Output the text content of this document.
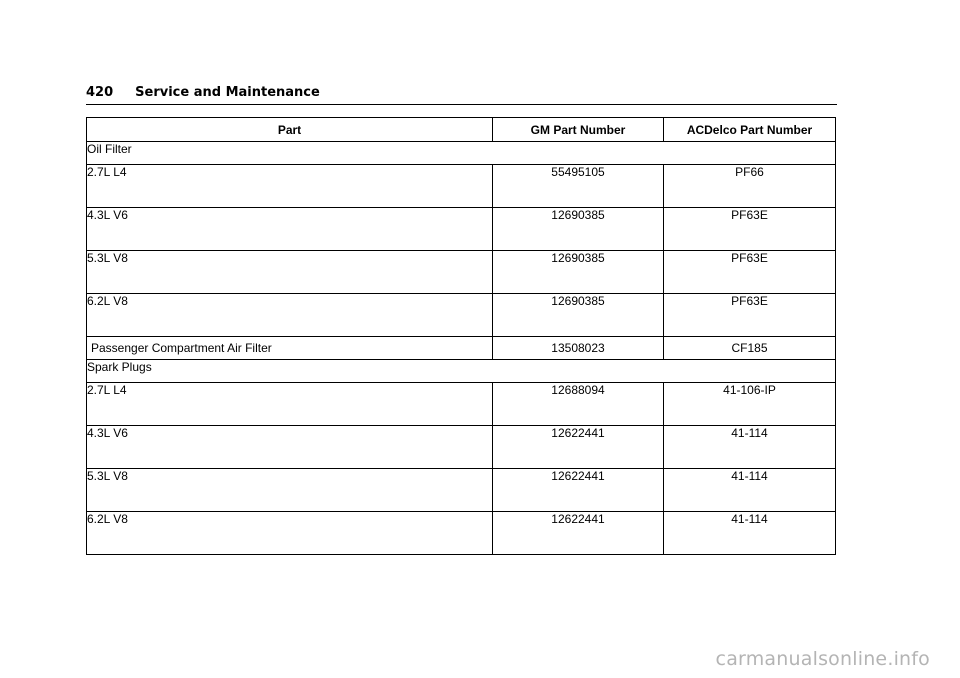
420 Service and Maintenance
Part	GM Part Number	ACDelco Part Number
Oil Filter		
2.7L L4	55495105	PF66
4.3L V6	12690385	PF63E
5.3L V8	12690385	PF63E
6.2L V8	12690385	PF63E
Passenger Compartment Air Filter	13508023	CF185
Spark Plugs		
2.7L L4	12688094	41-106-IP
4.3L V6	12622441	41-114
5.3L V8	12622441	41-114
6.2L V8	12622441	41-114
carmanualsonline.info
